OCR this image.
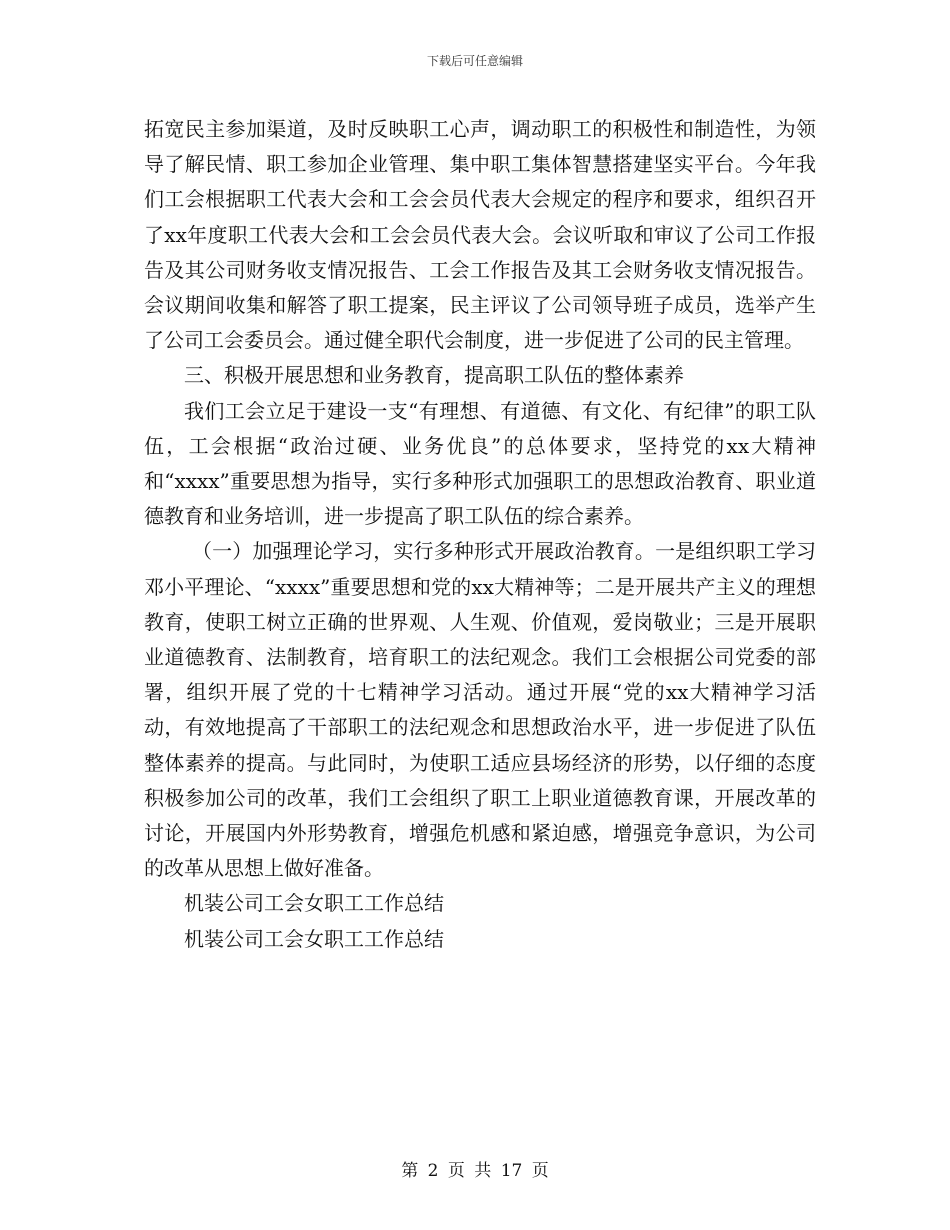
下载后可任意编辑

拓宽民主参加渠道，及时反映职工心声，调动职工的积极性和制造性，为领导了解民情、职工参加企业管理、集中职工集体智慧搭建坚实平台。今年我们工会根据职工代表大会和工会会员代表大会规定的程序和要求，组织召开了xx年度职工代表大会和工会会员代表大会。会议听取和审议了公司工作报告及其公司财务收支情况报告、工会工作报告及其工会财务收支情况报告。会议期间收集和解答了职工提案，民主评议了公司领导班子成员，选举产生了公司工会委员会。通过健全职代会制度，进一步促进了公司的民主管理。

三、积极开展思想和业务教育，提高职工队伍的整体素养

我们工会立足于建设一支“有理想、有道德、有文化、有纪律”的职工队伍，工会根据“政治过硬、业务优良”的总体要求，坚持党的xx大精神和“xxxx”重要思想为指导，实行多种形式加强职工的思想政治教育、职业道德教育和业务培训，进一步提高了职工队伍的综合素养。

（一）加强理论学习，实行多种形式开展政治教育。一是组织职工学习邓小平理论、“xxxx”重要思想和党的xx大精神等；二是开展共产主义的理想教育，使职工树立正确的世界观、人生观、价值观，爱岗敬业；三是开展职业道德教育、法制教育，培育职工的法纪观念。我们工会根据公司党委的部署，组织开展了党的十七精神学习活动。通过开展“党的xx大精神学习活动，有效地提高了干部职工的法纪观念和思想政治水平，进一步促进了队伍整体素养的提高。与此同时，为使职工适应县场经济的形势，以仔细的态度积极参加公司的改革，我们工会组织了职工上职业道德教育课，开展改革的讨论，开展国内外形势教育，增强危机感和紧迫感，增强竞争意识，为公司的改革从思想上做好准备。

机装公司工会女职工工作总结

机装公司工会女职工工作总结

第 2 页 共 17 页
